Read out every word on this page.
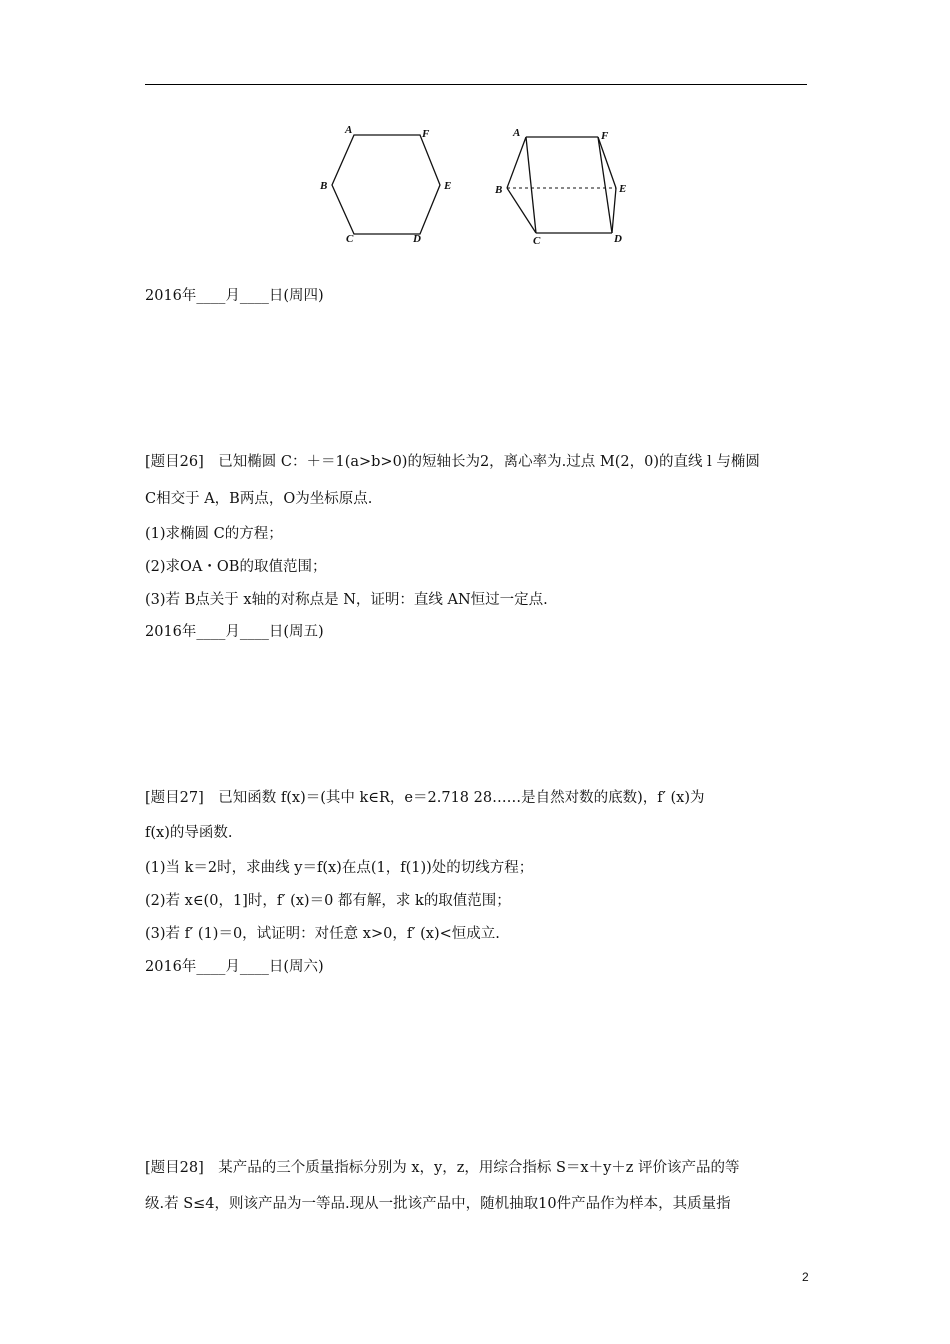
A	F
B	E
C	D
A	F
B	E
C	D
2016年____月____日(周四)
[题目26]　已知椭圆 C：＋＝1(a>b>0)的短轴长为2，离心率为.过点 M(2，0)的直线 l 与椭圆
C相交于 A，B两点，O为坐标原点.
(1)求椭圆 C的方程；
(2)求OA・OB的取值范围；
(3)若 B点关于 x轴的对称点是 N，证明：直线 AN恒过一定点.
2016年____月____日(周五)
[题目27]　已知函数 f(x)＝(其中 k∈R，e＝2.718 28……是自然对数的底数)，f′ (x)为
f(x)的导函数.
(1)当 k＝2时，求曲线 y＝f(x)在点(1，f(1))处的切线方程；
(2)若 x∈(0，1]时，f′ (x)＝0 都有解，求 k的取值范围；
(3)若 f′ (1)＝0，试证明：对任意 x>0，f′ (x)<恒成立.
2016年____月____日(周六)
[题目28]　某产品的三个质量指标分别为 x，y，z，用综合指标 S＝x＋y＋z 评价该产品的等
级.若 S≤4，则该产品为一等品.现从一批该产品中，随机抽取10件产品作为样本，其质量指
2
